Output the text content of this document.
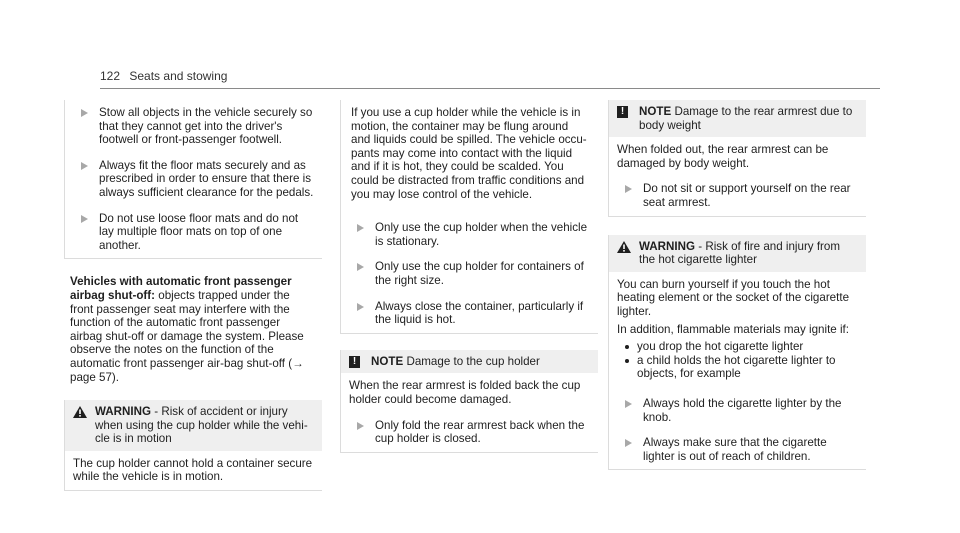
122 Seats and stowing
Stow all objects in the vehicle securely so that they cannot get into the driver's footwell or front-passenger footwell.
Always fit the floor mats securely and as prescribed in order to ensure that there is always sufficient clearance for the pedals.
Do not use loose floor mats and do not lay multiple floor mats on top of one another.
Vehicles with automatic front passenger airbag shut-off: objects trapped under the front passenger seat may interfere with the function of the automatic front passenger airbag shut-off or damage the system. Please observe the notes on the function of the automatic front passenger air-bag shut-off (→ page 57).
WARNING - Risk of accident or injury when using the cup holder while the vehi-cle is in motion
The cup holder cannot hold a container secure while the vehicle is in motion.
If you use a cup holder while the vehicle is in motion, the container may be flung around and liquids could be spilled. The vehicle occu-pants may come into contact with the liquid and if it is hot, they could be scalded. You could be distracted from traffic conditions and you may lose control of the vehicle.
Only use the cup holder when the vehicle is stationary.
Only use the cup holder for containers of the right size.
Always close the container, particularly if the liquid is hot.
!	NOTE Damage to the cup holder
When the rear armrest is folded back the cup holder could become damaged.
Only fold the rear armrest back when the cup holder is closed.
!	NOTE Damage to the rear armrest due to body weight
When folded out, the rear armrest can be damaged by body weight.
Do not sit or support yourself on the rear seat armrest.
WARNING - Risk of fire and injury from the hot cigarette lighter

You can burn yourself if you touch the hot heating element or the socket of the cigarette lighter.

In addition, flammable materials may ignite if:

you drop the hot cigarette lighter
a child holds the hot cigarette lighter to objects, for example
Always hold the cigarette lighter by the knob.
Always make sure that the cigarette lighter is out of reach of children.
